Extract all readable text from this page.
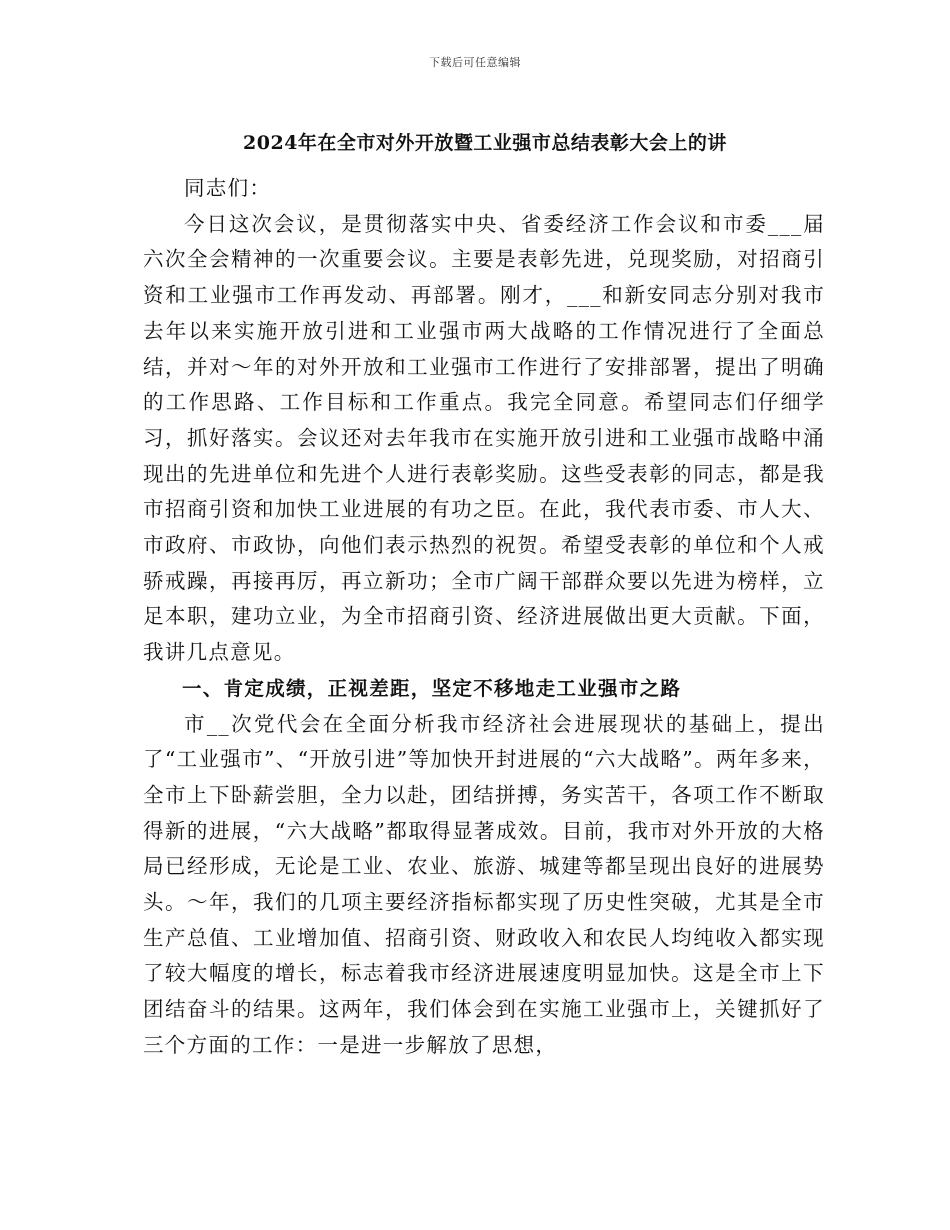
下载后可任意编辑
2024年在全市对外开放暨工业强市总结表彰大会上的讲

同志们：

今日这次会议，是贯彻落实中央、省委经济工作会议和市委___届六次全会精神的一次重要会议。主要是表彰先进，兑现奖励，对招商引资和工业强市工作再发动、再部署。刚才，___和新安同志分别对我市去年以来实施开放引进和工业强市两大战略的工作情况进行了全面总结，并对～年的对外开放和工业强市工作进行了安排部署，提出了明确的工作思路、工作目标和工作重点。我完全同意。希望同志们仔细学习，抓好落实。会议还对去年我市在实施开放引进和工业强市战略中涌现出的先进单位和先进个人进行表彰奖励。这些受表彰的同志，都是我市招商引资和加快工业进展的有功之臣。在此，我代表市委、市人大、市政府、市政协，向他们表示热烈的祝贺。希望受表彰的单位和个人戒骄戒躁，再接再厉，再立新功；全市广阔干部群众要以先进为榜样，立足本职，建功立业，为全市招商引资、经济进展做出更大贡献。下面，我讲几点意见。

一、肯定成绩，正视差距，坚定不移地走工业强市之路

市__次党代会在全面分析我市经济社会进展现状的基础上，提出了“工业强市”、“开放引进”等加快开封进展的“六大战略”。两年多来，全市上下卧薪尝胆，全力以赴，团结拼搏，务实苦干，各项工作不断取得新的进展，“六大战略”都取得显著成效。目前，我市对外开放的大格局已经形成，无论是工业、农业、旅游、城建等都呈现出良好的进展势头。～年，我们的几项主要经济指标都实现了历史性突破，尤其是全市生产总值、工业增加值、招商引资、财政收入和农民人均纯收入都实现了较大幅度的增长，标志着我市经济进展速度明显加快。这是全市上下团结奋斗的结果。这两年，我们体会到在实施工业强市上，关键抓好了三个方面的工作：一是进一步解放了思想，
